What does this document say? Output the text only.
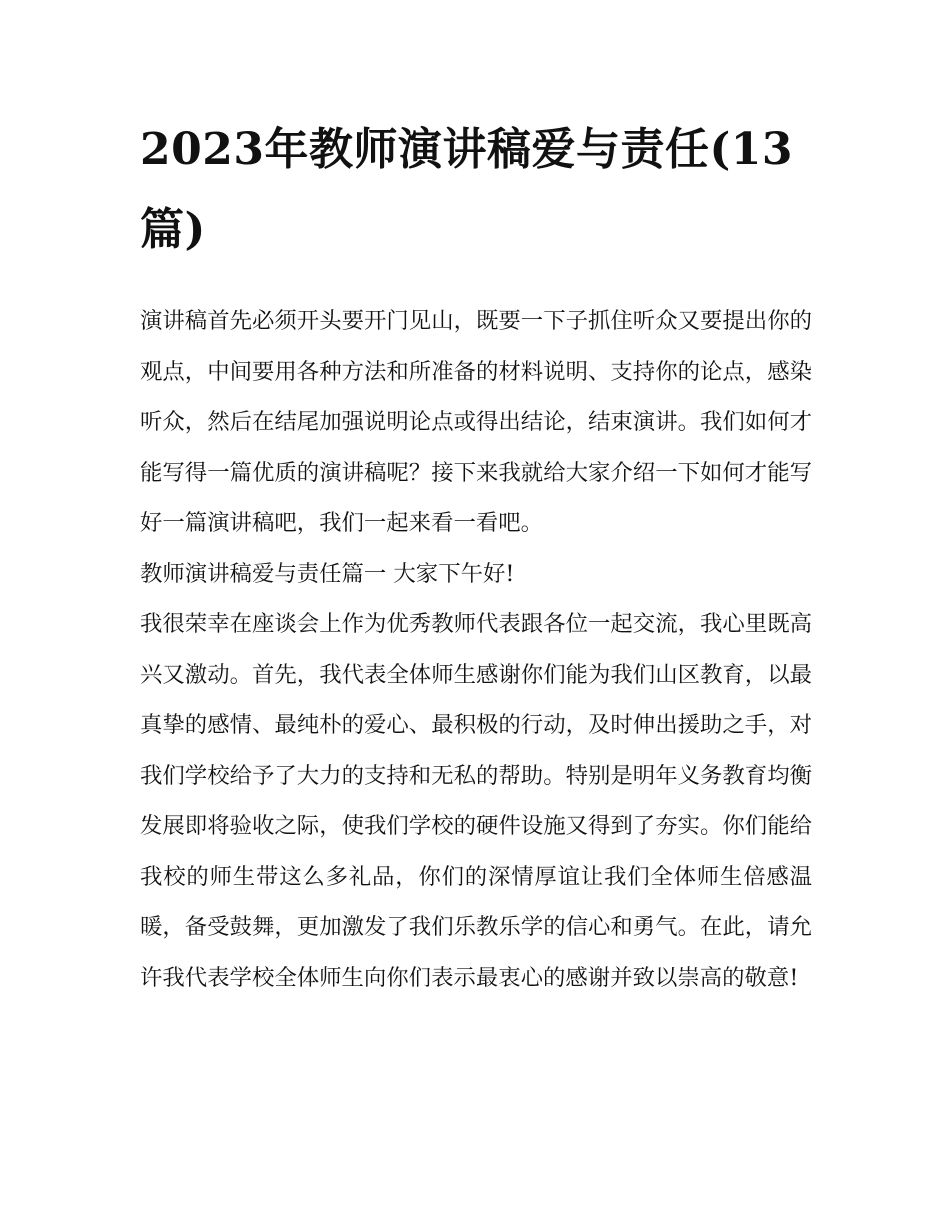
2023年教师演讲稿爱与责任(13篇)

演讲稿首先必须开头要开门见山，既要一下子抓住听众又要提出你的观点，中间要用各种方法和所准备的材料说明、支持你的论点，感染听众，然后在结尾加强说明论点或得出结论，结束演讲。我们如何才能写得一篇优质的演讲稿呢？接下来我就给大家介绍一下如何才能写好一篇演讲稿吧，我们一起来看一看吧。

教师演讲稿爱与责任篇一 大家下午好!

我很荣幸在座谈会上作为优秀教师代表跟各位一起交流，我心里既高兴又激动。首先，我代表全体师生感谢你们能为我们山区教育，以最真挚的感情、最纯朴的爱心、最积极的行动，及时伸出援助之手，对我们学校给予了大力的支持和无私的帮助。特别是明年义务教育均衡发展即将验收之际，使我们学校的硬件设施又得到了夯实。你们能给我校的师生带这么多礼品，你们的深情厚谊让我们全体师生倍感温暖，备受鼓舞，更加激发了我们乐教乐学的信心和勇气。在此，请允许我代表学校全体师生向你们表示最衷心的感谢并致以崇高的敬意!
